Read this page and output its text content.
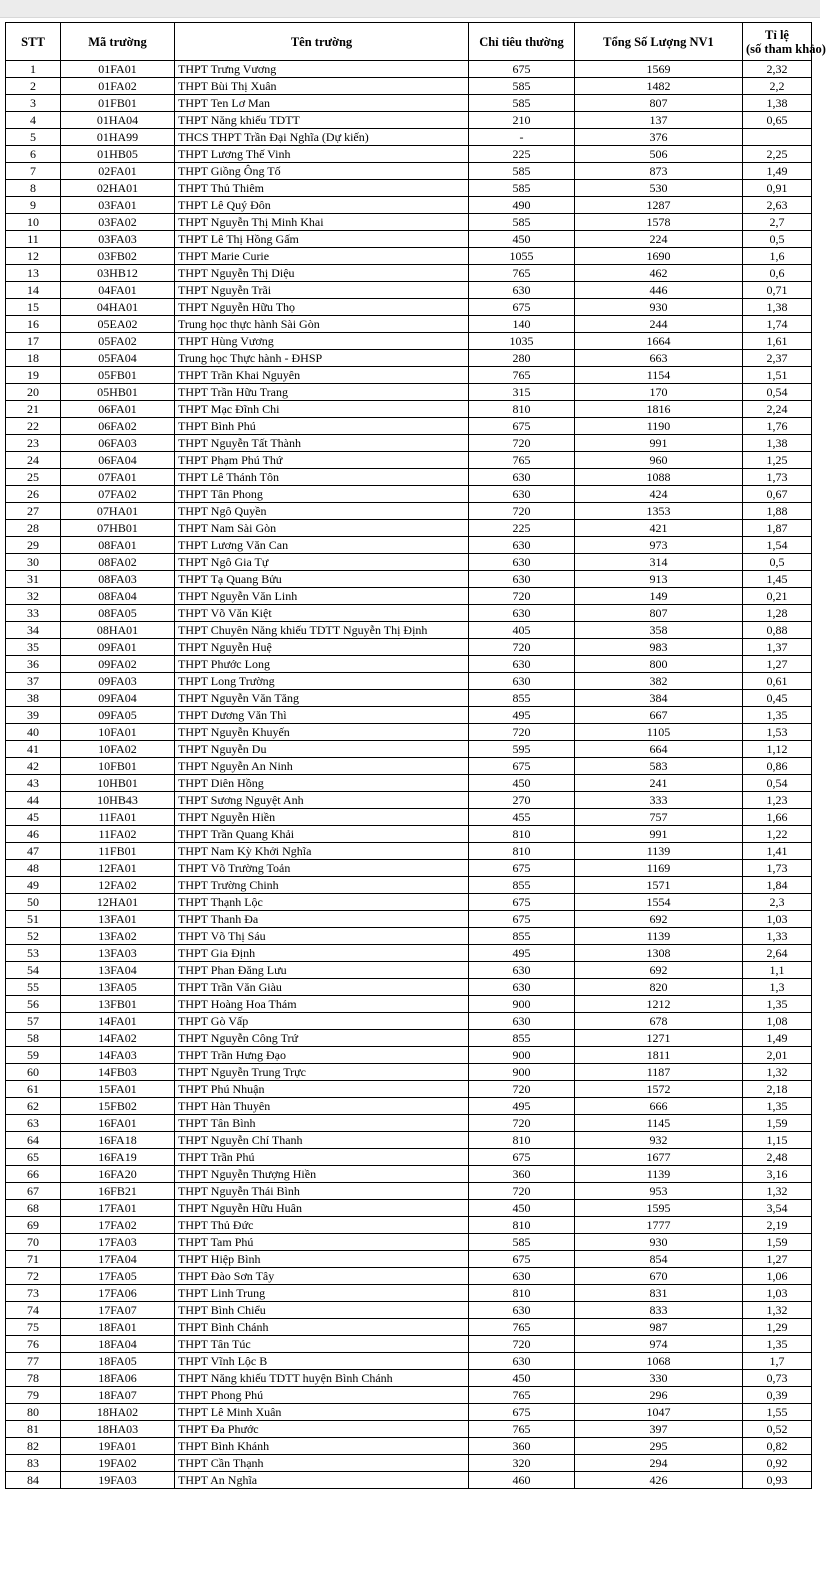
STT	Mã trường	Tên trường	Chỉ tiêu thường	Tổng Số Lượng NV1	Tỉ lệ
(số tham khảo)
1	01FA01	THPT Trưng Vương	675	1569	2,32
2	01FA02	THPT Bùi Thị Xuân	585	1482	2,2
3	01FB01	THPT Ten Lơ Man	585	807	1,38
4	01HA04	THPT Năng khiếu TDTT	210	137	0,65
5	01HA99	THCS THPT Trần Đại Nghĩa (Dự kiến)	-	376	
6	01HB05	THPT Lương Thế Vinh	225	506	2,25
7	02FA01	THPT Giồng Ông Tố	585	873	1,49
8	02HA01	THPT Thủ Thiêm	585	530	0,91
9	03FA01	THPT Lê Quý Đôn	490	1287	2,63
10	03FA02	THPT Nguyễn Thị Minh Khai	585	1578	2,7
11	03FA03	THPT Lê Thị Hồng Gấm	450	224	0,5
12	03FB02	THPT Marie Curie	1055	1690	1,6
13	03HB12	THPT Nguyễn Thị Diệu	765	462	0,6
14	04FA01	THPT Nguyễn Trãi	630	446	0,71
15	04HA01	THPT Nguyễn Hữu Thọ	675	930	1,38
16	05EA02	Trung học thực hành Sài Gòn	140	244	1,74
17	05FA02	THPT Hùng Vương	1035	1664	1,61
18	05FA04	Trung học Thực hành - ĐHSP	280	663	2,37
19	05FB01	THPT Trần Khai Nguyên	765	1154	1,51
20	05HB01	THPT Trần Hữu Trang	315	170	0,54
21	06FA01	THPT Mạc Đĩnh Chi	810	1816	2,24
22	06FA02	THPT Bình Phú	675	1190	1,76
23	06FA03	THPT Nguyễn Tất Thành	720	991	1,38
24	06FA04	THPT Phạm Phú Thứ	765	960	1,25
25	07FA01	THPT Lê Thánh Tôn	630	1088	1,73
26	07FA02	THPT Tân Phong	630	424	0,67
27	07HA01	THPT Ngô Quyền	720	1353	1,88
28	07HB01	THPT Nam Sài Gòn	225	421	1,87
29	08FA01	THPT Lương Văn Can	630	973	1,54
30	08FA02	THPT Ngô Gia Tự	630	314	0,5
31	08FA03	THPT Tạ Quang Bửu	630	913	1,45
32	08FA04	THPT Nguyễn Văn Linh	720	149	0,21
33	08FA05	THPT Võ Văn Kiệt	630	807	1,28
34	08HA01	THPT Chuyên Năng khiếu TDTT Nguyễn Thị Định	405	358	0,88
35	09FA01	THPT Nguyễn Huệ	720	983	1,37
36	09FA02	THPT Phước Long	630	800	1,27
37	09FA03	THPT Long Trường	630	382	0,61
38	09FA04	THPT Nguyễn Văn Tăng	855	384	0,45
39	09FA05	THPT Dương Văn Thì	495	667	1,35
40	10FA01	THPT Nguyễn Khuyến	720	1105	1,53
41	10FA02	THPT Nguyễn Du	595	664	1,12
42	10FB01	THPT Nguyễn An Ninh	675	583	0,86
43	10HB01	THPT Diên Hồng	450	241	0,54
44	10HB43	THPT Sương Nguyệt Anh	270	333	1,23
45	11FA01	THPT Nguyễn Hiền	455	757	1,66
46	11FA02	THPT Trần Quang Khải	810	991	1,22
47	11FB01	THPT Nam Kỳ Khởi Nghĩa	810	1139	1,41
48	12FA01	THPT Võ Trường Toản	675	1169	1,73
49	12FA02	THPT Trường Chinh	855	1571	1,84
50	12HA01	THPT Thạnh Lộc	675	1554	2,3
51	13FA01	THPT Thanh Đa	675	692	1,03
52	13FA02	THPT Võ Thị Sáu	855	1139	1,33
53	13FA03	THPT Gia Định	495	1308	2,64
54	13FA04	THPT Phan Đăng Lưu	630	692	1,1
55	13FA05	THPT Trần Văn Giàu	630	820	1,3
56	13FB01	THPT Hoàng Hoa Thám	900	1212	1,35
57	14FA01	THPT Gò Vấp	630	678	1,08
58	14FA02	THPT Nguyễn Công Trứ	855	1271	1,49
59	14FA03	THPT Trần Hưng Đạo	900	1811	2,01
60	14FB03	THPT Nguyễn Trung Trực	900	1187	1,32
61	15FA01	THPT Phú Nhuận	720	1572	2,18
62	15FB02	THPT Hàn Thuyên	495	666	1,35
63	16FA01	THPT Tân Bình	720	1145	1,59
64	16FA18	THPT Nguyễn Chí Thanh	810	932	1,15
65	16FA19	THPT Trần Phú	675	1677	2,48
66	16FA20	THPT Nguyễn Thượng Hiền	360	1139	3,16
67	16FB21	THPT Nguyễn Thái Bình	720	953	1,32
68	17FA01	THPT Nguyễn Hữu Huân	450	1595	3,54
69	17FA02	THPT Thủ Đức	810	1777	2,19
70	17FA03	THPT Tam Phú	585	930	1,59
71	17FA04	THPT Hiệp Bình	675	854	1,27
72	17FA05	THPT Đào Sơn Tây	630	670	1,06
73	17FA06	THPT Linh Trung	810	831	1,03
74	17FA07	THPT Bình Chiểu	630	833	1,32
75	18FA01	THPT Bình Chánh	765	987	1,29
76	18FA04	THPT Tân Túc	720	974	1,35
77	18FA05	THPT Vĩnh Lộc B	630	1068	1,7
78	18FA06	THPT Năng khiếu TDTT huyện Bình Chánh	450	330	0,73
79	18FA07	THPT Phong Phú	765	296	0,39
80	18HA02	THPT Lê Minh Xuân	675	1047	1,55
81	18HA03	THPT Đa Phước	765	397	0,52
82	19FA01	THPT Bình Khánh	360	295	0,82
83	19FA02	THPT Cần Thạnh	320	294	0,92
84	19FA03	THPT An Nghĩa	460	426	0,93
